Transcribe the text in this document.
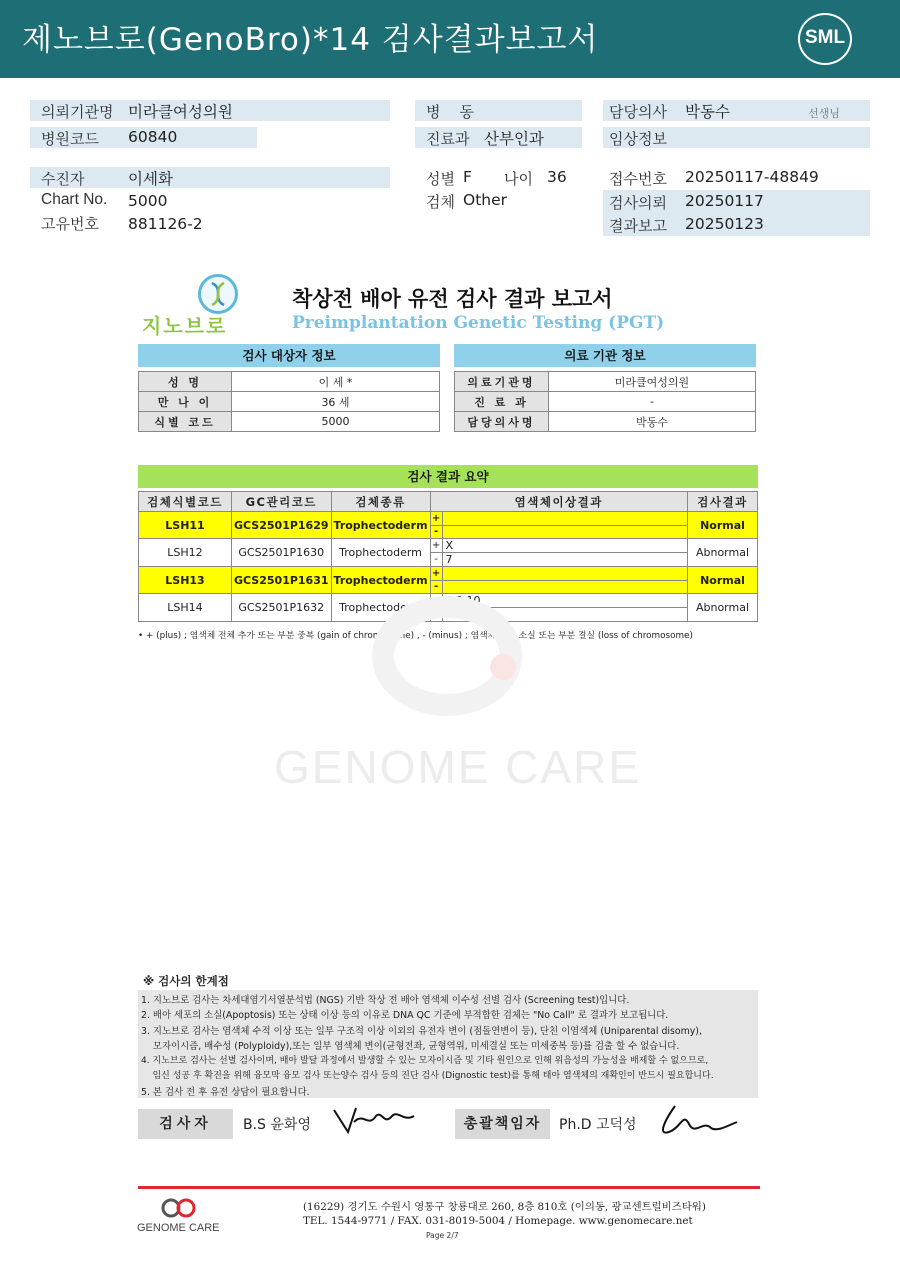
제노브로(GenoBro)*14 검사결과보고서	SML
의뢰기관명 미라클여성의원
병원코드 60840
병    동
진료과 산부인과
담당의사 박동수	선생님
임상정보
수진자	이세화
Chart No. 5000
고유번호 881126-2
성별 F 나이 36
검체 Other
접수번호 20250117-48849
검사의뢰 20250117
결과보고 20250123
지노브로
착상전 배아 유전 검사 결과 보고서
Preimplantation Genetic Testing (PGT)
검사 대상자 정보
성 명	이 세 *
만 나 이	36 세
식별 코드	5000
의료 기관 정보
의료기관명	미라클여성의원
진 료 과	-
담당의사명	박동수
검사 결과 요약
검체식별코드	GC관리코드	검체종류	염색체이상결과		검사결과
LSH11	GCS2501P1629	Trophectoderm	+		Normal
			-		
LSH12	GCS2501P1630	Trophectoderm	+	X	Abnormal
			-	7	
LSH13	GCS2501P1631	Trophectoderm	+		Normal
			-		
LSH14	GCS2501P1632	Trophectoderm	+	6,9,10	Abnormal
			-	12,16	
• + (plus) ; 염색체 전체 추가 또는 부분 중복 (gain of chromosome) , - (minus) ; 염색체 전체 소실 또는 부분 결실 (loss of chromosome)
GENOME CARE
※ 검사의 한계점
1. 지노브로 검사는 차세대염기서열분석법 (NGS) 기반 착상 전 배아 염색체 이수성 선별 검사 (Screening test)입니다.
2. 배아 세포의 소실(Apoptosis) 또는 상태 이상 등의 이유로 DNA QC 기준에 부적합한 검체는 "No Call" 로 결과가 보고됩니다.
3. 지노브로 검사는 염색체 수적 이상 또는 일부 구조적 이상 이외의 유전자 변이 (점돌연변이 등), 단친 이염색체 (Uniparental disomy),
모자이시즘, 배수성 (Polyploidy),또는 일부 염색체 변이(균형전좌, 균형역위, 미세결실 또는 미세중복 등)를 검출 할 수 없습니다.
4. 지노브로 검사는 선별 검사이며, 배아 발달 과정에서 발생할 수 있는 모자이시즘 및 기타 원인으로 인해 위음성의 가능성을 배제할 수 없으므로,
임신 성공 후 확진을 위해 융모막 융모 검사 또는양수 검사 등의 진단 검사 (Dignostic test)를 통해 태아 염색체의 재확인이 반드시 필요합니다.
5. 본 검사 전 후 유전 상담이 필요합니다.
검사자	B.S 윤화영	총괄책임자	Ph.D 고덕성
GENOME CARE
(16229) 경기도 수원시 영통구 창룡대로 260, 8층 810호 (이의동, 광교센트럴비즈타워)
TEL. 1544-9771 / FAX. 031-8019-5004 / Homepage. www.genomecare.net
Page 2/7
